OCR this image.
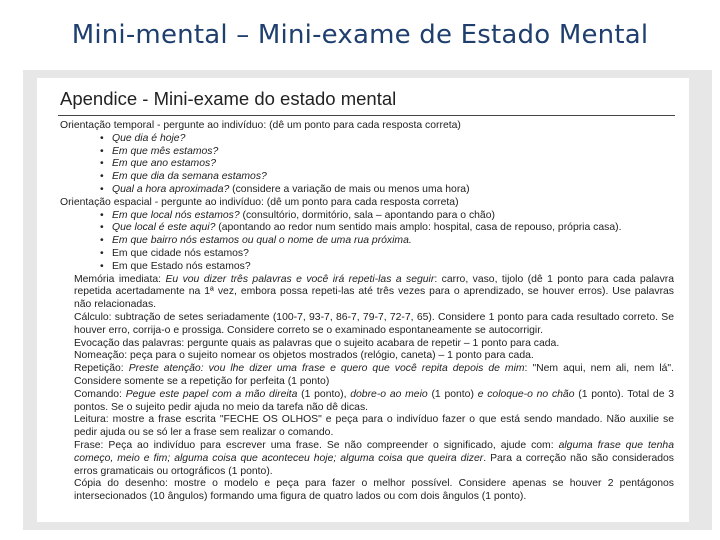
Mini-mental – Mini-exame de Estado Mental
Apendice - Mini-exame do estado mental

Orientação temporal - pergunte ao indivíduo: (dê um ponto para cada resposta correta)

• Que dia é hoje?

• Em que mês estamos?

• Em que ano estamos?

• Em que dia da semana estamos?

• Qual a hora aproximada? (considere a variação de mais ou menos uma hora)

Orientação espacial - pergunte ao indivíduo: (dê um ponto para cada resposta correta)

• Em que local nós estamos? (consultório, dormitório, sala – apontando para o chão)

• Que local é este aqui? (apontando ao redor num sentido mais amplo: hospital, casa de repouso, própria casa).

• Em que bairro nós estamos ou qual o nome de uma rua próxima.

• Em que cidade nós estamos?

• Em que Estado nós estamos?

Memória imediata: Eu vou dizer três palavras e você irá repeti-las a seguir: carro, vaso, tijolo (dê 1 ponto para cada palavra repetida acertadamente na 1ª vez, embora possa repeti-las até três vezes para o aprendizado, se houver erros). Use palavras não relacionadas.

Cálculo: subtração de setes seriadamente (100-7, 93-7, 86-7, 79-7, 72-7, 65). Considere 1 ponto para cada resultado correto. Se houver erro, corrija-o e prossiga. Considere correto se o examinado espontaneamente se autocorrigir.

Evocação das palavras: pergunte quais as palavras que o sujeito acabara de repetir – 1 ponto para cada.

Nomeação: peça para o sujeito nomear os objetos mostrados (relógio, caneta) – 1 ponto para cada.

Repetição: Preste atenção: vou lhe dizer uma frase e quero que você repita depois de mim: "Nem aqui, nem ali, nem lá". Considere somente se a repetição for perfeita (1 ponto)

Comando: Pegue este papel com a mão direita (1 ponto), dobre-o ao meio (1 ponto) e coloque-o no chão (1 ponto). Total de 3 pontos. Se o sujeito pedir ajuda no meio da tarefa não dê dicas.

Leitura: mostre a frase escrita "FECHE OS OLHOS" e peça para o indivíduo fazer o que está sendo mandado. Não auxilie se pedir ajuda ou se só ler a frase sem realizar o comando.

Frase: Peça ao indivíduo para escrever uma frase. Se não compreender o significado, ajude com: alguma frase que tenha começo, meio e fim; alguma coisa que aconteceu hoje; alguma coisa que queira dizer. Para a correção não são considerados erros gramaticais ou ortográficos (1 ponto).

Cópia do desenho: mostre o modelo e peça para fazer o melhor possível. Considere apenas se houver 2 pentágonos intersecionados (10 ângulos) formando uma figura de quatro lados ou com dois ângulos (1 ponto).
